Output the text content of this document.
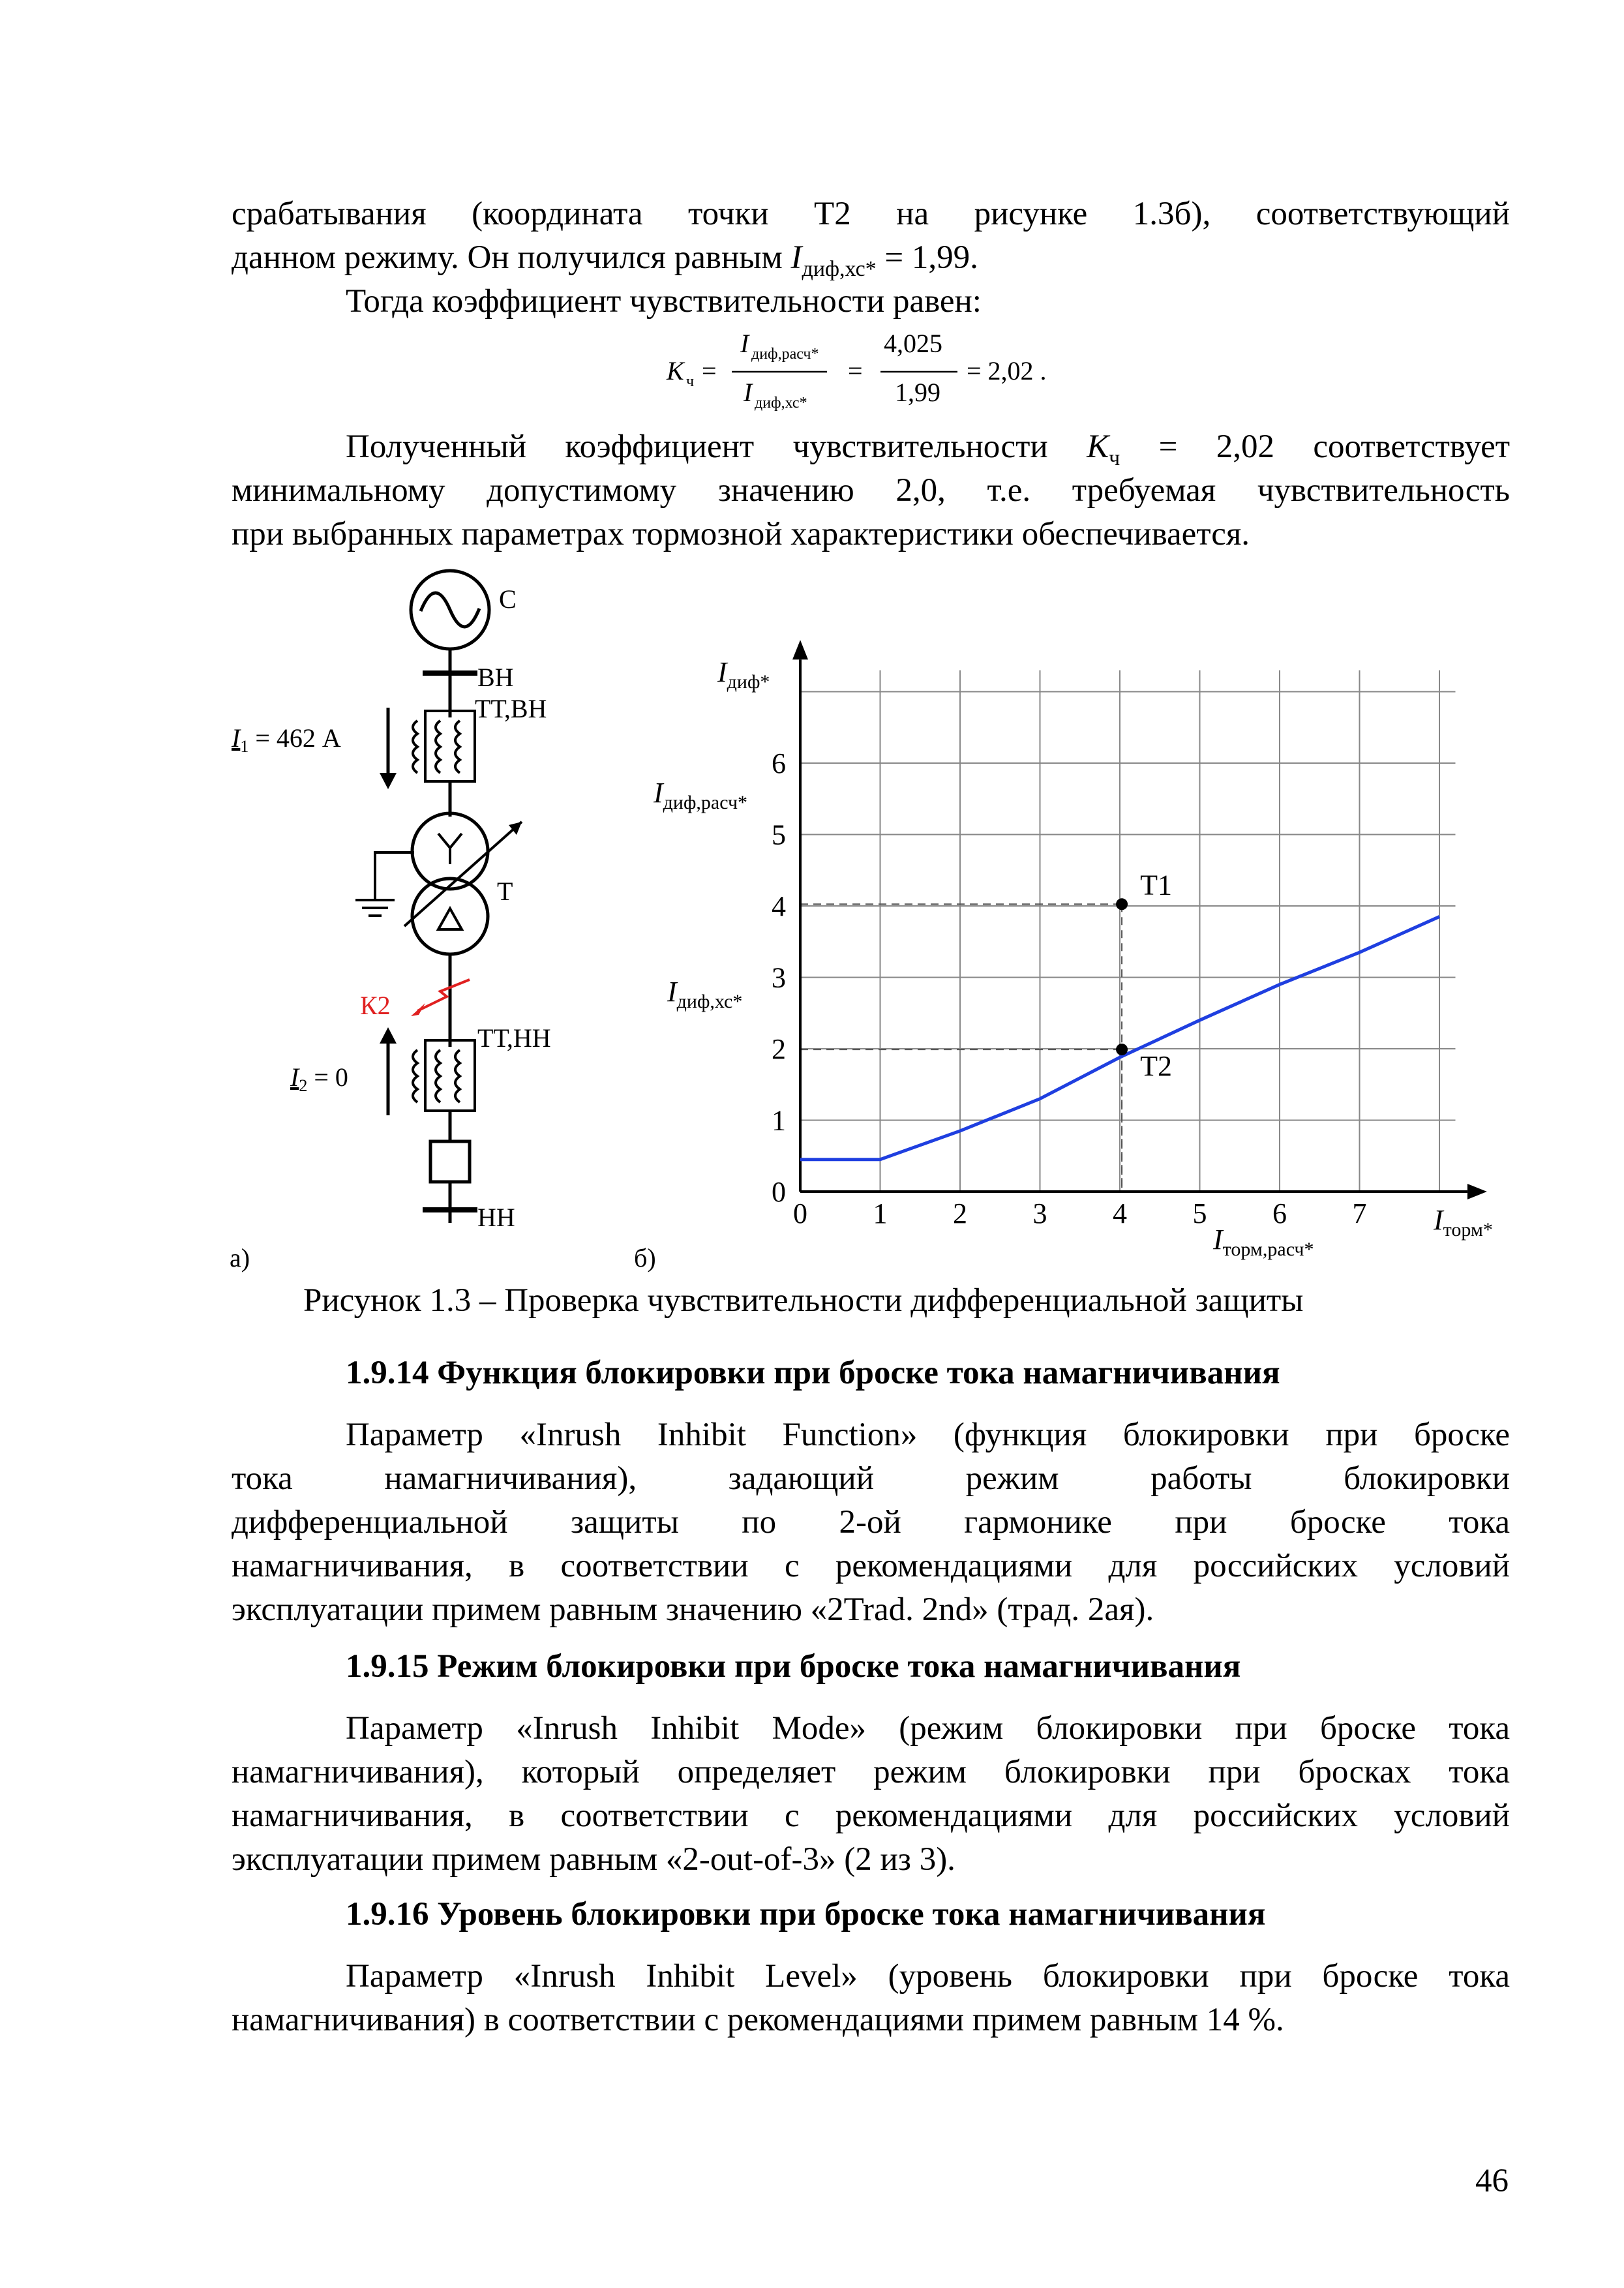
срабатывания (координата точки Т2 на рисунке 1.3б), соответствующий
данном режиму. Он получился равным $I_{диф,хс*} = 1,99$.
Тогда коэффициент чувствительности равен:
K ч =
I диф,расч*
I диф,хс*
=
4,025
1,99
= 2,02 .
Полученный коэффициент чувствительности $K_ч = 2,02$ соответствует
минимальному допустимому значению 2,0, т.е. требуемая чувствительность
при выбранных параметрах тормозной характеристики обеспечивается.
С
ВН
ТТ,ВН
$I_1 = 462$ А
Т
К2
ТТ,НН
$I_2 = 0$
НН
а)
0 1 2 3 4 5 6 7
0
1
2
3
4
5
6
Т1
Т2
$I_{диф*}$
$I_{торм*}$
$I_{диф,расч*}$
$I_{диф,хс*}$
$I_{торм,расч*}$
б)
Рисунок 1.3 – Проверка чувствительности дифференциальной защиты
1.9.14 Функция блокировки при броске тока намагничивания
Параметр «Inrush Inhibit Function» (функция блокировки при броске
тока намагничивания), задающий режим работы блокировки
дифференциальной защиты по 2-ой гармонике при броске тока
намагничивания, в соответствии с рекомендациями для российских условий
эксплуатации примем равным значению «2Trad. 2nd» (трад. 2ая).
1.9.15 Режим блокировки при броске тока намагничивания
Параметр «Inrush Inhibit Mode» (режим блокировки при броске тока
намагничивания), который определяет режим блокировки при бросках тока
намагничивания, в соответствии с рекомендациями для российских условий
эксплуатации примем равным «2-out-of-3» (2 из 3).
1.9.16 Уровень блокировки при броске тока намагничивания
Параметр «Inrush Inhibit Level» (уровень блокировки при броске тока
намагничивания) в соответствии с рекомендациями примем равным 14 %.
46
